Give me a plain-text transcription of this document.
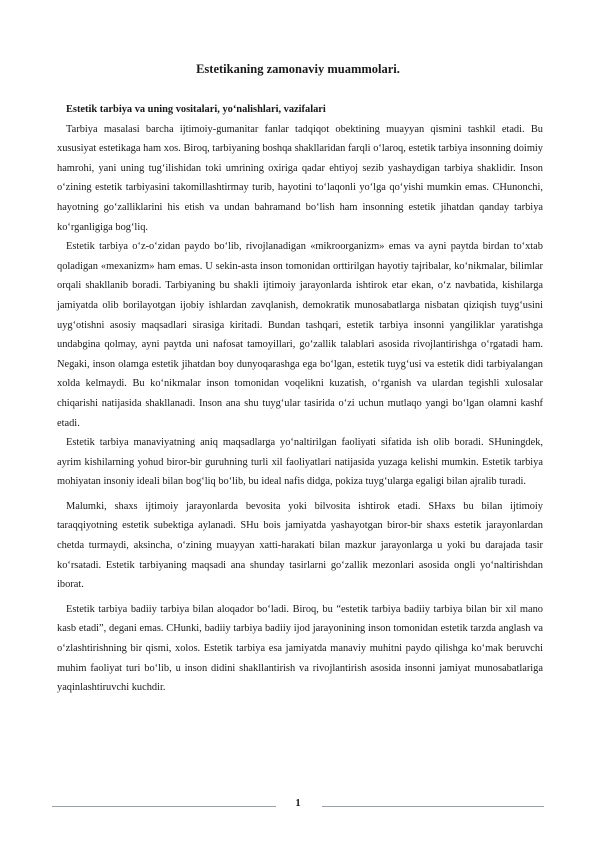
Estetikaning zamonaviy muammolari.

Estetik tarbiya va uning vositalari, yo‘nalishlari, vazifalari

Tarbiya masalasi barcha ijtimoiy-gumanitar fanlar tadqiqot obektining muayyan qismini tashkil etadi. Bu xususiyat estetikaga ham xos. Biroq, tarbiyaning boshqa shakllaridan farqli o‘laroq, estetik tarbiya insonning doimiy hamrohi, yani uning tug‘ilishidan toki umrining oxiriga qadar ehtiyoj sezib yashaydigan tarbiya shaklidir. Inson o‘zining estetik tarbiyasini takomillashtirmay turib, hayotini to‘laqonli yo‘lga qo‘yishi mumkin emas. CHunonchi, hayotning go‘zalliklarini his etish va undan bahramand bo‘lish ham insonning estetik jihatdan qanday tarbiya ko‘rganligiga bog‘liq.

Estetik tarbiya o‘z-o‘zidan paydo bo‘lib, rivojlanadigan «mikroorganizm» emas va ayni paytda birdan to‘xtab qoladigan «mexanizm» ham emas. U sekin-asta inson tomonidan orttirilgan hayotiy tajribalar, ko‘nikmalar, bilimlar orqali shakllanib boradi. Tarbiyaning bu shakli ijtimoiy jarayonlarda ishtirok etar ekan, o‘z navbatida, kishilarga jamiyatda olib borilayotgan ijobiy ishlardan zavqlanish, demokratik munosabatlarga nisbatan qiziqish tuyg‘usini uyg‘otishni asosiy maqsadlari sirasiga kiritadi. Bundan tashqari, estetik tarbiya insonni yangiliklar yaratishga undabgina qolmay, ayni paytda uni nafosat tamoyillari, go‘zallik talablari asosida rivojlantirishga o‘rgatadi ham. Negaki, inson olamga estetik jihatdan boy dunyoqarashga ega bo‘lgan, estetik tuyg‘usi va estetik didi tarbiyalangan xolda kelmaydi. Bu ko‘nikmalar inson tomonidan voqelikni kuzatish, o‘rganish va ulardan tegishli xulosalar chiqarishi natijasida shakllanadi. Inson ana shu tuyg‘ular tasirida o‘zi uchun mutlaqo yangi bo‘lgan olamni kashf etadi.

Estetik tarbiya manaviyatning aniq maqsadlarga yo‘naltirilgan faoliyati sifatida ish olib boradi. SHuningdek, ayrim kishilarning yohud biror-bir guruhning turli xil faoliyatlari natijasida yuzaga kelishi mumkin. Estetik tarbiya mohiyatan insoniy ideali bilan bog‘liq bo‘lib, bu ideal nafis didga, pokiza tuyg‘ularga egaligi bilan ajralib turadi.

Malumki, shaxs ijtimoiy jarayonlarda bevosita yoki bilvosita ishtirok etadi. SHaxs bu bilan ijtimoiy taraqqiyotning estetik subektiga aylanadi. SHu bois jamiyatda yashayotgan biror-bir shaxs estetik jarayonlardan chetda turmaydi, aksincha, o‘zining muayyan xatti-harakati bilan mazkur jarayonlarga u yoki bu darajada tasir ko‘rsatadi. Estetik tarbiyaning maqsadi ana shunday tasirlarni go‘zallik mezonlari asosida ongli yo‘naltirishdan iborat.

Estetik tarbiya badiiy tarbiya bilan aloqador bo‘ladi. Biroq, bu “estetik tarbiya badiiy tarbiya bilan bir xil mano kasb etadi”, degani emas. CHunki, badiiy tarbiya badiiy ijod jarayonining inson tomonidan estetik tarzda anglash va o‘zlashtirishning bir qismi, xolos. Estetik tarbiya esa jamiyatda manaviy muhitni paydo qilishga ko‘mak beruvchi muhim faoliyat turi bo‘lib, u inson didini shakllantirish va rivojlantirish asosida insonni jamiyat munosabatlariga yaqinlashtiruvchi kuchdir.

1
